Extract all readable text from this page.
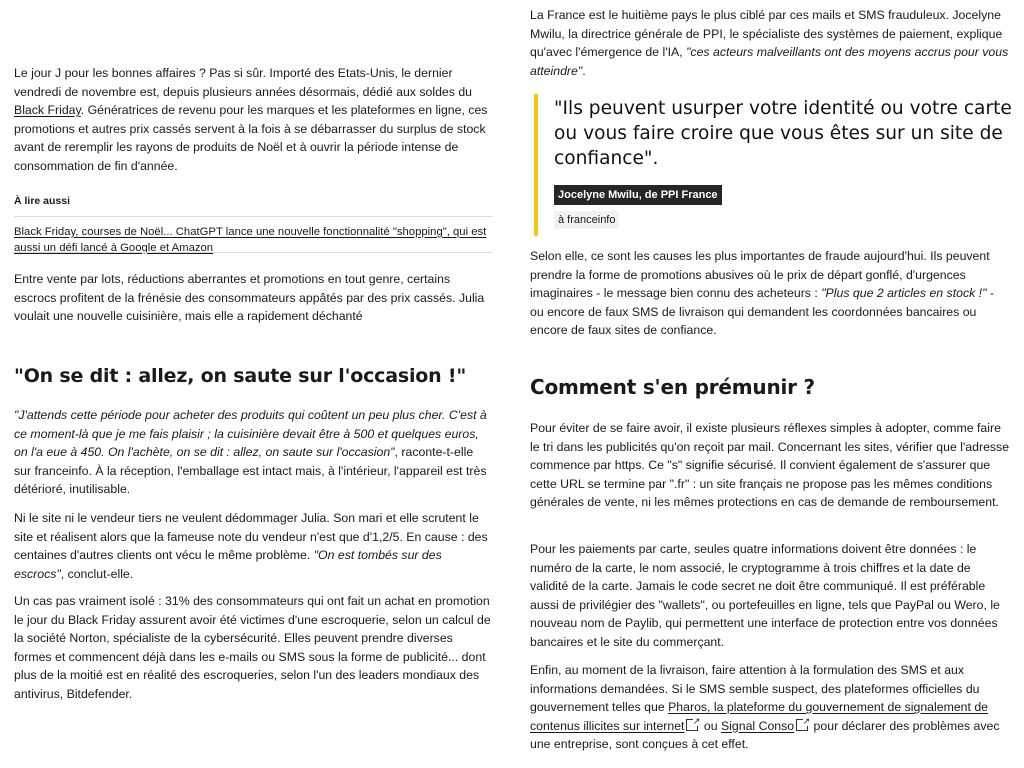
Le jour J pour les bonnes affaires ? Pas si sûr. Importé des Etats-Unis, le dernier vendredi de novembre est, depuis plusieurs années désormais, dédié aux soldes du Black Friday. Génératrices de revenu pour les marques et les plateformes en ligne, ces promotions et autres prix cassés servent à la fois à se débarrasser du surplus de stock avant de reremplir les rayons de produits de Noël et à ouvrir la période intense de consommation de fin d'année.

À lire aussi

Black Friday, courses de Noël... ChatGPT lance une nouvelle fonctionnalité "shopping", qui est aussi un défi lancé à Google et Amazon

Entre vente par lots, réductions aberrantes et promotions en tout genre, certains escrocs profitent de la frénésie des consommateurs appâtés par des prix cassés. Julia voulait une nouvelle cuisinière, mais elle a rapidement déchanté

"On se dit : allez, on saute sur l'occasion !"

"J'attends cette période pour acheter des produits qui coûtent un peu plus cher. C'est à ce moment-là que je me fais plaisir ; la cuisinière devait être à 500 et quelques euros, on l'a eue à 450. On l'achète, on se dit : allez, on saute sur l'occasion", raconte-t-elle sur franceinfo. À la réception, l'emballage est intact mais, à l'intérieur, l'appareil est très détérioré, inutilisable.

Ni le site ni le vendeur tiers ne veulent dédommager Julia. Son mari et elle scrutent le site et réalisent alors que la fameuse note du vendeur n'est que d'1,2/5. En cause : des centaines d'autres clients ont vécu le même problème. "On est tombés sur des escrocs", conclut-elle.

Un cas pas vraiment isolé : 31% des consommateurs qui ont fait un achat en promotion le jour du Black Friday assurent avoir été victimes d'une escroquerie, selon un calcul de la société Norton, spécialiste de la cybersécurité. Elles peuvent prendre diverses formes et commencent déjà dans les e-mails ou SMS sous la forme de publicité... dont plus de la moitié est en réalité des escroqueries, selon l'un des leaders mondiaux des antivirus, Bitdefender.

La France est le huitième pays le plus ciblé par ces mails et SMS frauduleux. Jocelyne Mwilu, la directrice générale de PPI, le spécialiste des systèmes de paiement, explique qu'avec l'émergence de l'IA, "ces acteurs malveillants ont des moyens accrus pour vous atteindre".

"Ils peuvent usurper votre identité ou votre carte ou vous faire croire que vous êtes sur un site de confiance".

Jocelyne Mwilu, de PPI France
à franceinfo

Selon elle, ce sont les causes les plus importantes de fraude aujourd'hui. Ils peuvent prendre la forme de promotions abusives où le prix de départ gonflé, d'urgences imaginaires - le message bien connu des acheteurs : "Plus que 2 articles en stock !" - ou encore de faux SMS de livraison qui demandent les coordonnées bancaires ou encore de faux sites de confiance.

Comment s'en prémunir ?

Pour éviter de se faire avoir, il existe plusieurs réflexes simples à adopter, comme faire le tri dans les publicités qu'on reçoit par mail. Concernant les sites, vérifier que l'adresse commence par https. Ce "s" signifie sécurisé. Il convient également de s'assurer que cette URL se termine par ".fr" : un site français ne propose pas les mêmes conditions générales de vente, ni les mêmes protections en cas de demande de remboursement.

Pour les paiements par carte, seules quatre informations doivent être données : le numéro de la carte, le nom associé, le cryptogramme à trois chiffres et la date de validité de la carte. Jamais le code secret ne doit être communiqué. Il est préférable aussi de privilégier des "wallets", ou portefeuilles en ligne, tels que PayPal ou Wero, le nouveau nom de Paylib, qui permettent une interface de protection entre vos données bancaires et le site du commerçant.

Enfin, au moment de la livraison, faire attention à la formulation des SMS et aux informations demandées. Si le SMS semble suspect, des plateformes officielles du gouvernement telles que Pharos, la plateforme du gouvernement de signalement de contenus illicites sur internet↗ ou Signal Conso↗ pour déclarer des problèmes avec une entreprise, sont conçues à cet effet.
